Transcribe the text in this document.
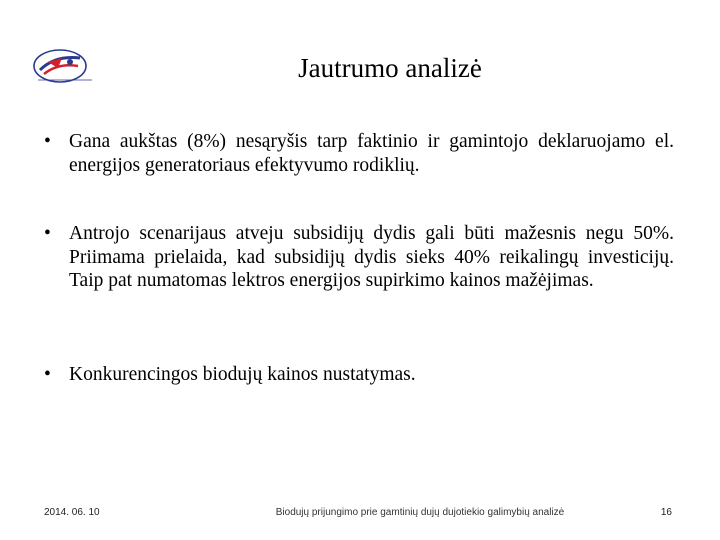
Jautrumo analizė
• Gana aukštas (8%) nesąryšis tarp faktinio ir gamintojo deklaruojamo el. energijos generatoriaus efektyvumo rodiklių.
• Antrojo scenarijaus atveju subsidijų dydis gali būti mažesnis negu 50%. Priimama prielaida, kad subsidijų dydis sieks 40% reikalingų investicijų. Taip pat numatomas lektros energijos supirkimo kainos mažėjimas.
• Konkurencingos biodujų kainos nustatymas.
2014. 06. 10	Biodujų prijungimo prie gamtinių dujų dujotiekio galimybių analizė	16
